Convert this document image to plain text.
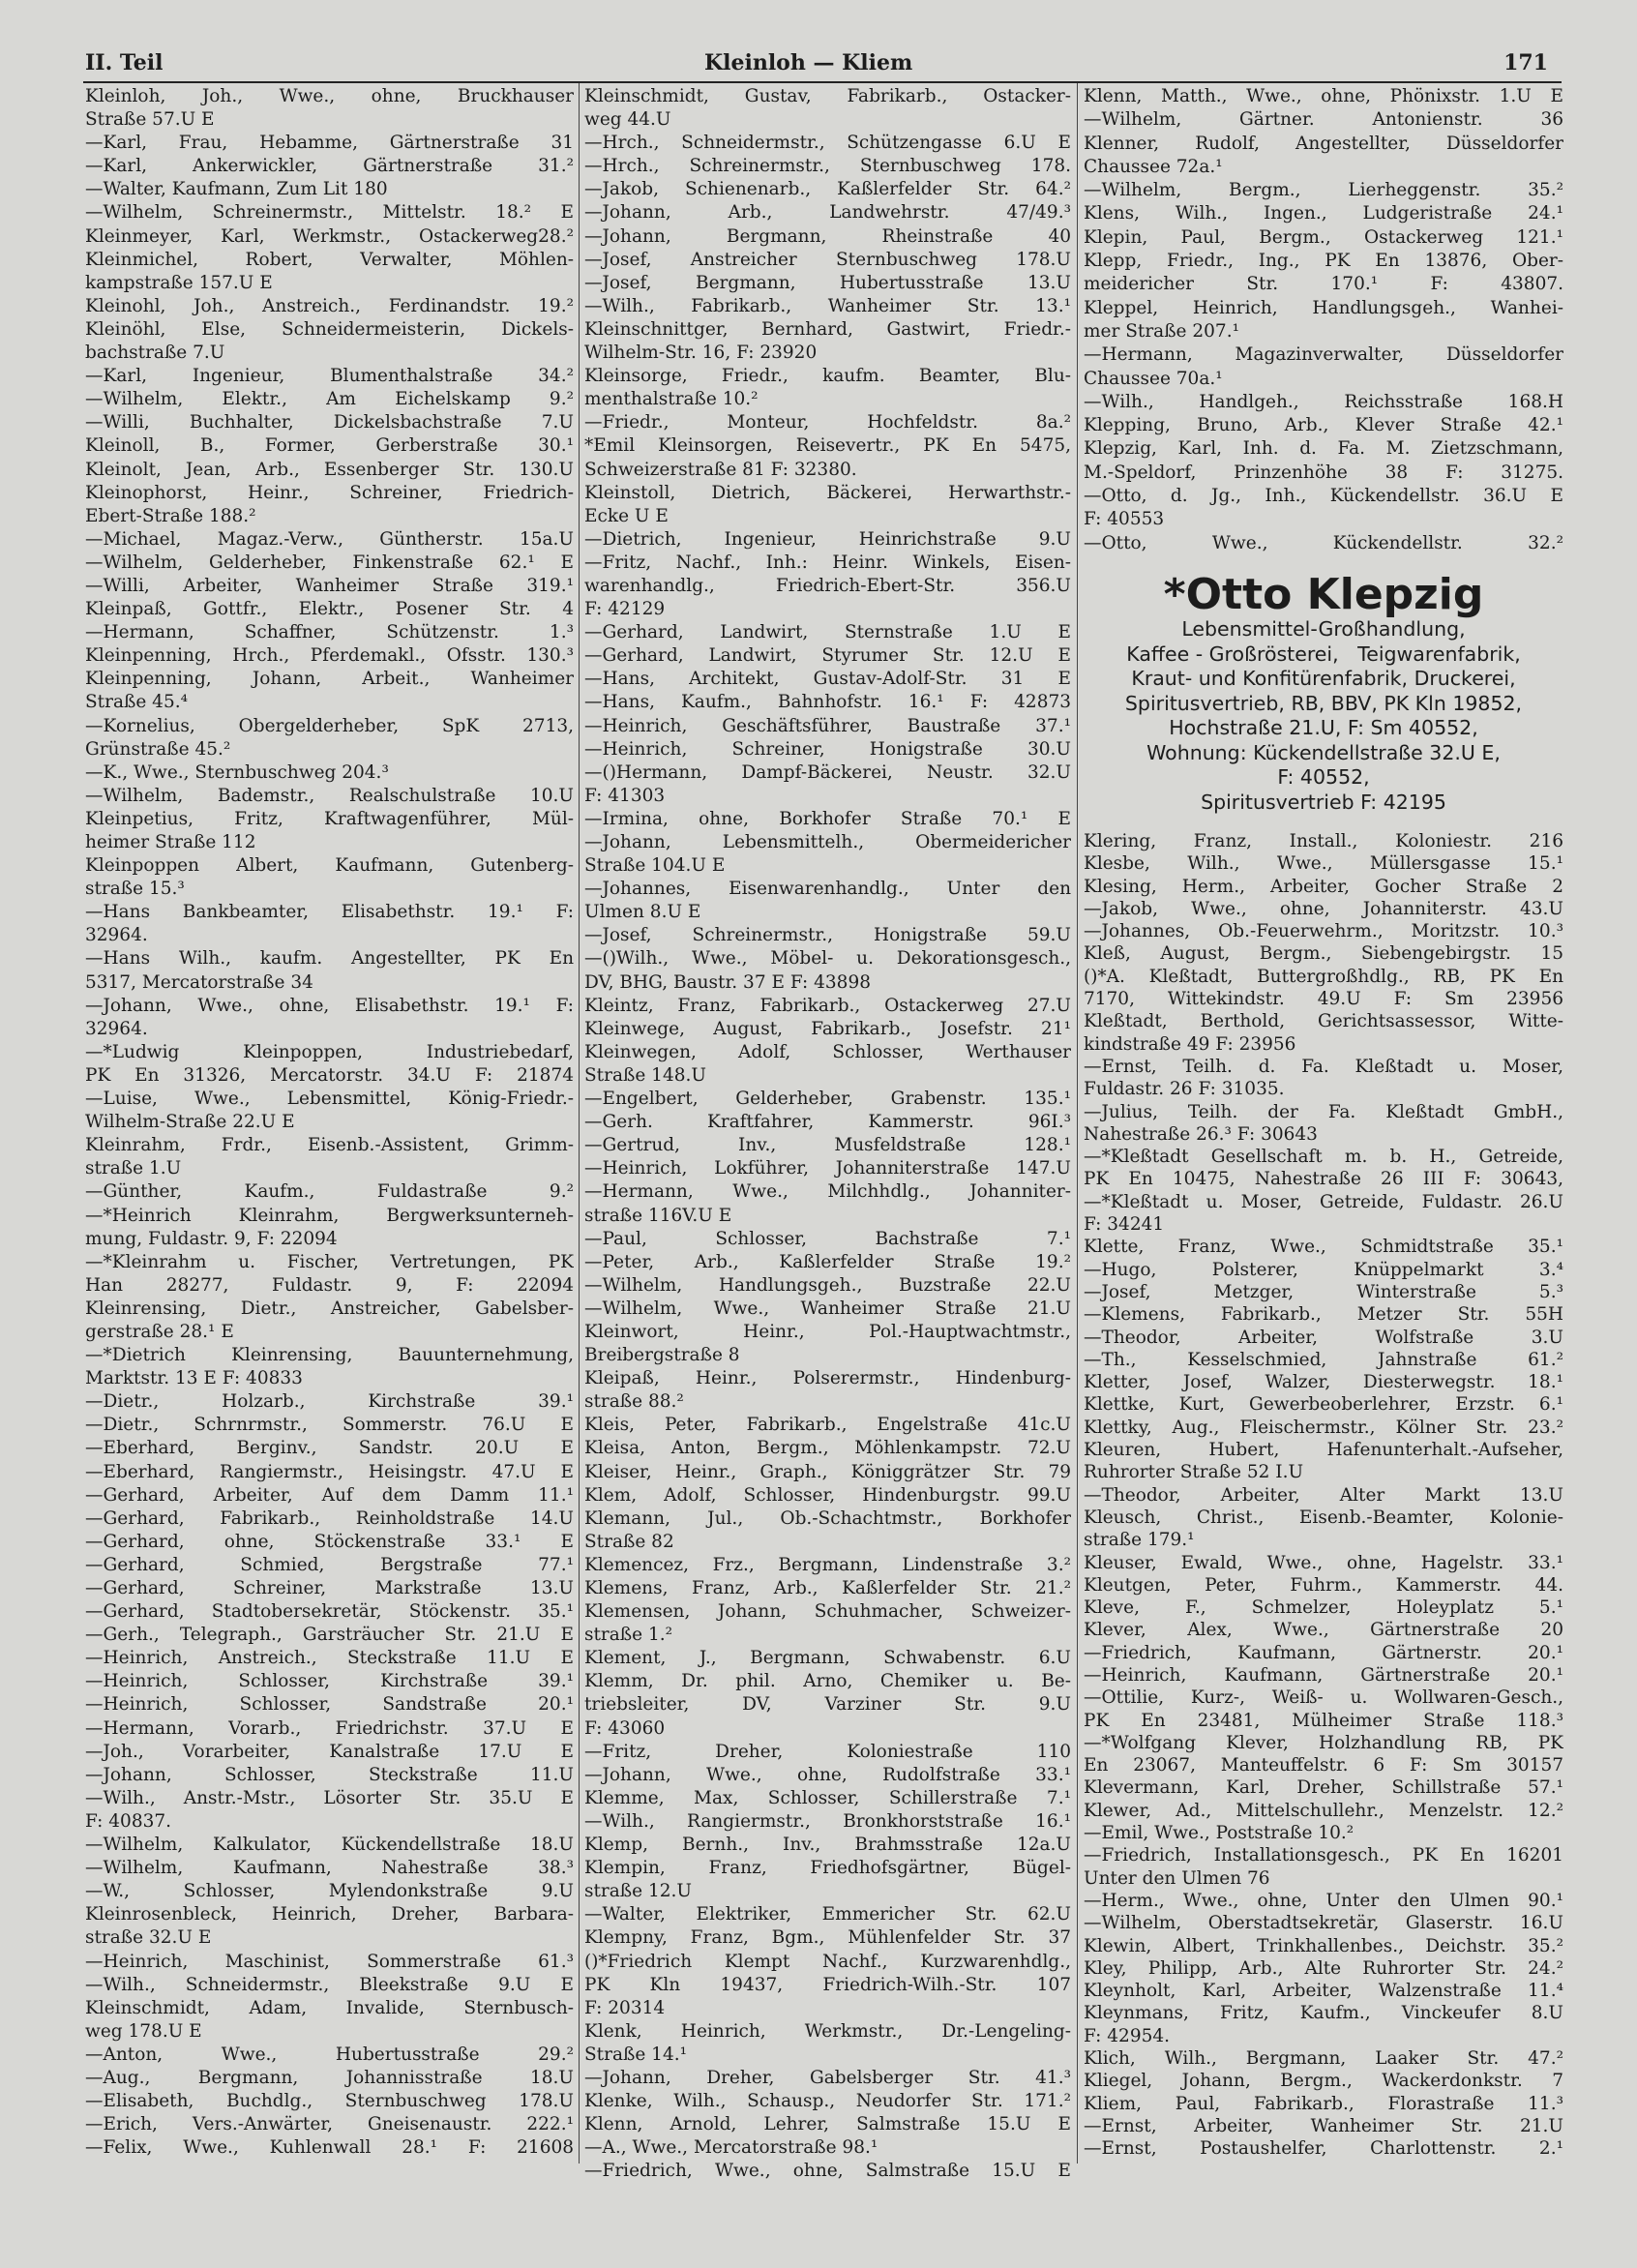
II. Teil	Kleinloh — Kliem	171
Kleinloh, Joh., Wwe., ohne, Bruckhauser
Straße 57.U E
—Karl, Frau, Hebamme, Gärtnerstraße 31
—Karl, Ankerwickler, Gärtnerstraße 31.²
—Walter, Kaufmann, Zum Lit 180
—Wilhelm, Schreinermstr., Mittelstr. 18.² E
Kleinmeyer, Karl, Werkmstr., Ostackerweg28.²
Kleinmichel, Robert, Verwalter, Möhlen-
kampstraße 157.U E
Kleinohl, Joh., Anstreich., Ferdinandstr. 19.²
Kleinöhl, Else, Schneidermeisterin, Dickels-
bachstraße 7.U
—Karl, Ingenieur, Blumenthalstraße 34.²
—Wilhelm, Elektr., Am Eichelskamp 9.²
—Willi, Buchhalter, Dickelsbachstraße 7.U
Kleinoll, B., Former, Gerberstraße 30.¹
Kleinolt, Jean, Arb., Essenberger Str. 130.U
Kleinophorst, Heinr., Schreiner, Friedrich-
Ebert-Straße 188.²
—Michael, Magaz.-Verw., Güntherstr. 15a.U
—Wilhelm, Gelderheber, Finkenstraße 62.¹ E
—Willi, Arbeiter, Wanheimer Straße 319.¹
Kleinpaß, Gottfr., Elektr., Posener Str. 4
—Hermann, Schaffner, Schützenstr. 1.³
Kleinpenning, Hrch., Pferdemakl., Ofsstr. 130.³
Kleinpenning, Johann, Arbeit., Wanheimer
Straße 45.⁴
—Kornelius, Obergelderheber, SpK 2713,
Grünstraße 45.²
—K., Wwe., Sternbuschweg 204.³
—Wilhelm, Bademstr., Realschulstraße 10.U
Kleinpetius, Fritz, Kraftwagenführer, Mül-
heimer Straße 112
Kleinpoppen Albert, Kaufmann, Gutenberg-
straße 15.³
—Hans Bankbeamter, Elisabethstr. 19.¹ F:
32964.
—Hans Wilh., kaufm. Angestellter, PK En
5317, Mercatorstraße 34
—Johann, Wwe., ohne, Elisabethstr. 19.¹ F:
32964.
—*Ludwig Kleinpoppen, Industriebedarf,
PK En 31326, Mercatorstr. 34.U F: 21874
—Luise, Wwe., Lebensmittel, König-Friedr.-
Wilhelm-Straße 22.U E
Kleinrahm, Frdr., Eisenb.-Assistent, Grimm-
straße 1.U
—Günther, Kaufm., Fuldastraße 9.²
—*Heinrich Kleinrahm, Bergwerksunterneh-
mung, Fuldastr. 9, F: 22094
—*Kleinrahm u. Fischer, Vertretungen, PK
Han 28277, Fuldastr. 9, F: 22094
Kleinrensing, Dietr., Anstreicher, Gabelsber-
gerstraße 28.¹ E
—*Dietrich Kleinrensing, Bauunternehmung,
Marktstr. 13 E F: 40833
—Dietr., Holzarb., Kirchstraße 39.¹
—Dietr., Schrnrmstr., Sommerstr. 76.U E
—Eberhard, Berginv., Sandstr. 20.U E
—Eberhard, Rangiermstr., Heisingstr. 47.U E
—Gerhard, Arbeiter, Auf dem Damm 11.¹
—Gerhard, Fabrikarb., Reinholdstraße 14.U
—Gerhard, ohne, Stöckenstraße 33.¹ E
—Gerhard, Schmied, Bergstraße 77.¹
—Gerhard, Schreiner, Markstraße 13.U
—Gerhard, Stadtobersekretär, Stöckenstr. 35.¹
—Gerh., Telegraph., Garsträucher Str. 21.U E
—Heinrich, Anstreich., Steckstraße 11.U E
—Heinrich, Schlosser, Kirchstraße 39.¹
—Heinrich, Schlosser, Sandstraße 20.¹
—Hermann, Vorarb., Friedrichstr. 37.U E
—Joh., Vorarbeiter, Kanalstraße 17.U E
—Johann, Schlosser, Steckstraße 11.U
—Wilh., Anstr.-Mstr., Lösorter Str. 35.U E
F: 40837.
—Wilhelm, Kalkulator, Kückendellstraße 18.U
—Wilhelm, Kaufmann, Nahestraße 38.³
—W., Schlosser, Mylendonkstraße 9.U
Kleinrosenbleck, Heinrich, Dreher, Barbara-
straße 32.U E
—Heinrich, Maschinist, Sommerstraße 61.³
—Wilh., Schneidermstr., Bleekstraße 9.U E
Kleinschmidt, Adam, Invalide, Sternbusch-
weg 178.U E
—Anton, Wwe., Hubertusstraße 29.²
—Aug., Bergmann, Johannisstraße 18.U
—Elisabeth, Buchdlg., Sternbuschweg 178.U
—Erich, Vers.-Anwärter, Gneisenaustr. 222.¹
—Felix, Wwe., Kuhlenwall 28.¹ F: 21608
Kleinschmidt, Gustav, Fabrikarb., Ostacker-
weg 44.U
—Hrch., Schneidermstr., Schützengasse 6.U E
—Hrch., Schreinermstr., Sternbuschweg 178.
—Jakob, Schienenarb., Kaßlerfelder Str. 64.²
—Johann, Arb., Landwehrstr. 47/49.³
—Johann, Bergmann, Rheinstraße 40
—Josef, Anstreicher Sternbuschweg 178.U
—Josef, Bergmann, Hubertusstraße 13.U
—Wilh., Fabrikarb., Wanheimer Str. 13.¹
Kleinschnittger, Bernhard, Gastwirt, Friedr.-
Wilhelm-Str. 16, F: 23920
Kleinsorge, Friedr., kaufm. Beamter, Blu-
menthalstraße 10.²
—Friedr., Monteur, Hochfeldstr. 8a.²
*Emil Kleinsorgen, Reisevertr., PK En 5475,
Schweizerstraße 81 F: 32380.
Kleinstoll, Dietrich, Bäckerei, Herwarthstr.-
Ecke U E
—Dietrich, Ingenieur, Heinrichstraße 9.U
—Fritz, Nachf., Inh.: Heinr. Winkels, Eisen-
warenhandlg., Friedrich-Ebert-Str. 356.U
F: 42129
—Gerhard, Landwirt, Sternstraße 1.U E
—Gerhard, Landwirt, Styrumer Str. 12.U E
—Hans, Architekt, Gustav-Adolf-Str. 31 E
—Hans, Kaufm., Bahnhofstr. 16.¹ F: 42873
—Heinrich, Geschäftsführer, Baustraße 37.¹
—Heinrich, Schreiner, Honigstraße 30.U
—()Hermann, Dampf-Bäckerei, Neustr. 32.U
F: 41303
—Irmina, ohne, Borkhofer Straße 70.¹ E
—Johann, Lebensmittelh., Obermeidericher
Straße 104.U E
—Johannes, Eisenwarenhandlg., Unter den
Ulmen 8.U E
—Josef, Schreinermstr., Honigstraße 59.U
—()Wilh., Wwe., Möbel- u. Dekorationsgesch.,
DV, BHG, Baustr. 37 E F: 43898
Kleintz, Franz, Fabrikarb., Ostackerweg 27.U
Kleinwege, August, Fabrikarb., Josefstr. 21¹
Kleinwegen, Adolf, Schlosser, Werthauser
Straße 148.U
—Engelbert, Gelderheber, Grabenstr. 135.¹
—Gerh. Kraftfahrer, Kammerstr. 96I.³
—Gertrud, Inv., Musfeldstraße 128.¹
—Heinrich, Lokführer, Johanniterstraße 147.U
—Hermann, Wwe., Milchhdlg., Johanniter-
straße 116V.U E
—Paul, Schlosser, Bachstraße 7.¹
—Peter, Arb., Kaßlerfelder Straße 19.²
—Wilhelm, Handlungsgeh., Buzstraße 22.U
—Wilhelm, Wwe., Wanheimer Straße 21.U
Kleinwort, Heinr., Pol.-Hauptwachtmstr.,
Breibergstraße 8
Kleipaß, Heinr., Polserermstr., Hindenburg-
straße 88.²
Kleis, Peter, Fabrikarb., Engelstraße 41c.U
Kleisa, Anton, Bergm., Möhlenkampstr. 72.U
Kleiser, Heinr., Graph., Königgrätzer Str. 79
Klem, Adolf, Schlosser, Hindenburgstr. 99.U
Klemann, Jul., Ob.-Schachtmstr., Borkhofer
Straße 82
Klemencez, Frz., Bergmann, Lindenstraße 3.²
Klemens, Franz, Arb., Kaßlerfelder Str. 21.²
Klemensen, Johann, Schuhmacher, Schweizer-
straße 1.²
Klement, J., Bergmann, Schwabenstr. 6.U
Klemm, Dr. phil. Arno, Chemiker u. Be-
triebsleiter, DV, Varziner Str. 9.U
F: 43060
—Fritz, Dreher, Koloniestraße 110
—Johann, Wwe., ohne, Rudolfstraße 33.¹
Klemme, Max, Schlosser, Schillerstraße 7.¹
—Wilh., Rangiermstr., Bronkhorststraße 16.¹
Klemp, Bernh., Inv., Brahmsstraße 12a.U
Klempin, Franz, Friedhofsgärtner, Bügel-
straße 12.U
—Walter, Elektriker, Emmericher Str. 62.U
Klempny, Franz, Bgm., Mühlenfelder Str. 37
()*Friedrich Klempt Nachf., Kurzwarenhdlg.,
PK Kln 19437, Friedrich-Wilh.-Str. 107
F: 20314
Klenk, Heinrich, Werkmstr., Dr.-Lengeling-
Straße 14.¹
—Johann, Dreher, Gabelsberger Str. 41.³
Klenke, Wilh., Schausp., Neudorfer Str. 171.²
Klenn, Arnold, Lehrer, Salmstraße 15.U E
—A., Wwe., Mercatorstraße 98.¹
—Friedrich, Wwe., ohne, Salmstraße 15.U E
Klenn, Matth., Wwe., ohne, Phönixstr. 1.U E
—Wilhelm, Gärtner. Antonienstr. 36
Klenner, Rudolf, Angestellter, Düsseldorfer
Chaussee 72a.¹
—Wilhelm, Bergm., Lierheggenstr. 35.²
Klens, Wilh., Ingen., Ludgeristraße 24.¹
Klepin, Paul, Bergm., Ostackerweg 121.¹
Klepp, Friedr., Ing., PK En 13876, Ober-
meidericher Str. 170.¹ F: 43807.
Kleppel, Heinrich, Handlungsgeh., Wanhei-
mer Straße 207.¹
—Hermann, Magazinverwalter, Düsseldorfer
Chaussee 70a.¹
—Wilh., Handlgeh., Reichsstraße 168.H
Klepping, Bruno, Arb., Klever Straße 42.¹
Klepzig, Karl, Inh. d. Fa. M. Zietzschmann,
M.-Speldorf, Prinzenhöhe 38 F: 31275.
—Otto, d. Jg., Inh., Kückendellstr. 36.U E
F: 40553
—Otto, Wwe., Kückendellstr. 32.²
*Otto Klepzig
Lebensmittel-Großhandlung,
Kaffee - Großrösterei,   Teigwarenfabrik,
Kraut- und Konfitürenfabrik, Druckerei,
Spiritusvertrieb, RB, BBV, PK Kln 19852,
Hochstraße 21.U, F: Sm 40552,
Wohnung: Kückendellstraße 32.U E,
F: 40552,
Spiritusvertrieb F: 42195
Klering, Franz, Install., Koloniestr. 216
Klesbe, Wilh., Wwe., Müllersgasse 15.¹
Klesing, Herm., Arbeiter, Gocher Straße 2
—Jakob, Wwe., ohne, Johanniterstr. 43.U
—Johannes, Ob.-Feuerwehrm., Moritzstr. 10.³
Kleß, August, Bergm., Siebengebirgstr. 15
()*A. Kleßtadt, Buttergroßhdlg., RB, PK En
7170, Wittekindstr. 49.U F: Sm 23956
Kleßtadt, Berthold, Gerichtsassessor, Witte-
kindstraße 49 F: 23956
—Ernst, Teilh. d. Fa. Kleßtadt u. Moser,
Fuldastr. 26 F: 31035.
—Julius, Teilh. der Fa. Kleßtadt GmbH.,
Nahestraße 26.³ F: 30643
—*Kleßtadt Gesellschaft m. b. H., Getreide,
PK En 10475, Nahestraße 26 III F: 30643,
—*Kleßtadt u. Moser, Getreide, Fuldastr. 26.U
F: 34241
Klette, Franz, Wwe., Schmidtstraße 35.¹
—Hugo, Polsterer, Knüppelmarkt 3.⁴
—Josef, Metzger, Winterstraße 5.³
—Klemens, Fabrikarb., Metzer Str. 55H
—Theodor, Arbeiter, Wolfstraße 3.U
—Th., Kesselschmied, Jahnstraße 61.²
Kletter, Josef, Walzer, Diesterwegstr. 18.¹
Klettke, Kurt, Gewerbeoberlehrer, Erzstr. 6.¹
Klettky, Aug., Fleischermstr., Kölner Str. 23.²
Kleuren, Hubert, Hafenunterhalt.-Aufseher,
Ruhrorter Straße 52 I.U
—Theodor, Arbeiter, Alter Markt 13.U
Kleusch, Christ., Eisenb.-Beamter, Kolonie-
straße 179.¹
Kleuser, Ewald, Wwe., ohne, Hagelstr. 33.¹
Kleutgen, Peter, Fuhrm., Kammerstr. 44.
Kleve, F., Schmelzer, Holeyplatz 5.¹
Klever, Alex, Wwe., Gärtnerstraße 20
—Friedrich, Kaufmann, Gärtnerstr. 20.¹
—Heinrich, Kaufmann, Gärtnerstraße 20.¹
—Ottilie, Kurz-, Weiß- u. Wollwaren-Gesch.,
PK En 23481, Mülheimer Straße 118.³
—*Wolfgang Klever, Holzhandlung RB, PK
En 23067, Manteuffelstr. 6 F: Sm 30157
Klevermann, Karl, Dreher, Schillstraße 57.¹
Klewer, Ad., Mittelschullehr., Menzelstr. 12.²
—Emil, Wwe., Poststraße 10.²
—Friedrich, Installationsgesch., PK En 16201
Unter den Ulmen 76
—Herm., Wwe., ohne, Unter den Ulmen 90.¹
—Wilhelm, Oberstadtsekretär, Glaserstr. 16.U
Klewin, Albert, Trinkhallenbes., Deichstr. 35.²
Kley, Philipp, Arb., Alte Ruhrorter Str. 24.²
Kleynholt, Karl, Arbeiter, Walzenstraße 11.⁴
Kleynmans, Fritz, Kaufm., Vinckeufer 8.U
F: 42954.
Klich, Wilh., Bergmann, Laaker Str. 47.²
Kliegel, Johann, Bergm., Wackerdonkstr. 7
Kliem, Paul, Fabrikarb., Florastraße 11.³
—Ernst, Arbeiter, Wanheimer Str. 21.U
—Ernst, Postaushelfer, Charlottenstr. 2.¹
